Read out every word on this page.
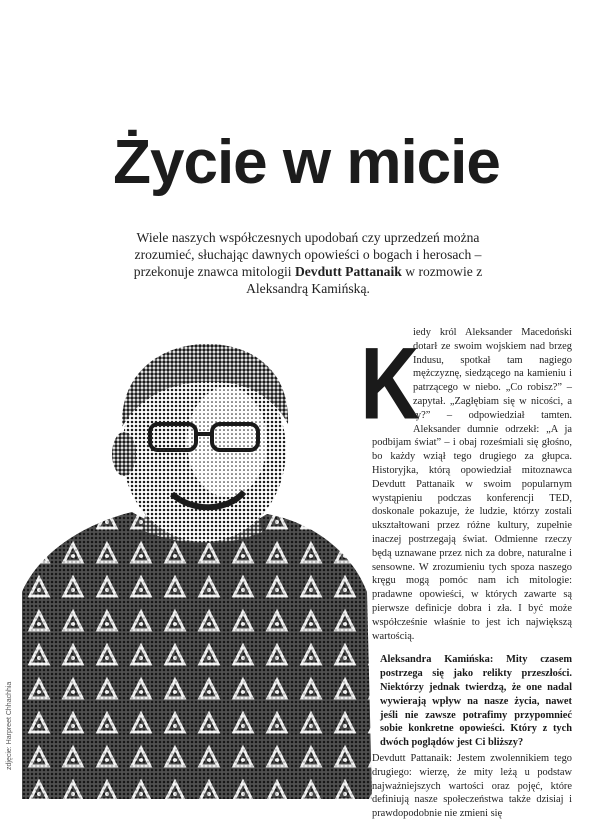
Życie w micie

Wiele naszych współczesnych upodobań czy uprzedzeń można zrozumieć, słuchając dawnych opowieści o bogach i herosach – przekonuje znawca mitologii Devdutt Pattanaik w rozmowie z Aleksandrą Kamińską.

zdjęcie: Harpreet Chhachhia
K

iedy król Aleksander Macedoński dotarł ze swoim wojskiem nad brzeg Indusu, spotkał tam nagiego mężczyznę, siedzącego na kamieniu i patrzącego w niebo. „Co robisz?” – zapytał. „Zagłębiam się w nicości, a ty?” – odpowiedział tamten. Aleksander dumnie odrzekł: „A ja podbijam świat” – i obaj roześmiali się głośno, bo każdy wziął tego drugiego za głupca. Historyjka, którą opowiedział mitoznawca Devdutt Pattanaik w swoim popularnym wystąpieniu podczas konferencji TED, doskonale pokazuje, że ludzie, którzy zostali ukształtowani przez różne kultury, zupełnie inaczej postrzegają świat. Odmienne rzeczy będą uznawane przez nich za dobre, naturalne i sensowne. W zrozumieniu tych spoza naszego kręgu mogą pomóc nam ich mitologie: pradawne opowieści, w których zawarte są pierwsze definicje dobra i zła. I być może współcześnie właśnie to jest ich największą wartością.

Aleksandra Kamińska: Mity czasem postrzega się jako relikty przeszłości. Niektórzy jednak twierdzą, że one nadal wywierają wpływ na nasze życia, nawet jeśli nie zawsze potrafimy przypomnieć sobie konkretne opowieści. Który z tych dwóch poglądów jest Ci bliższy?

Devdutt Pattanaik: Jestem zwolennikiem tego drugiego: wierzę, że mity leżą u podstaw najważniejszych wartości oraz pojęć, które definiują nasze społeczeństwa także dzisiaj i prawdopodobnie nie zmieni się
